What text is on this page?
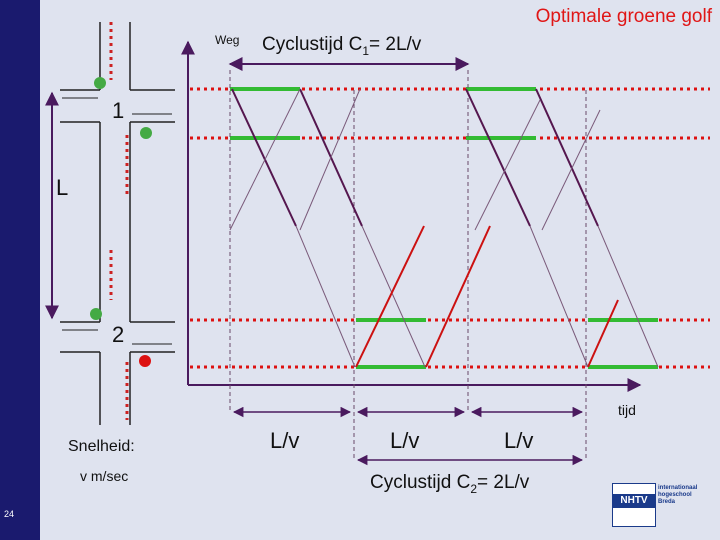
Optimale groene golf
Weg Cyclustijd $C_1= 2L/v$
1
L
2
tijd
L/v	L/v	L/v
Cyclustijd $C_2= 2L/v$
Snelheid:
v m/sec
24
NHTV
internationaal
hogeschool
Breda
